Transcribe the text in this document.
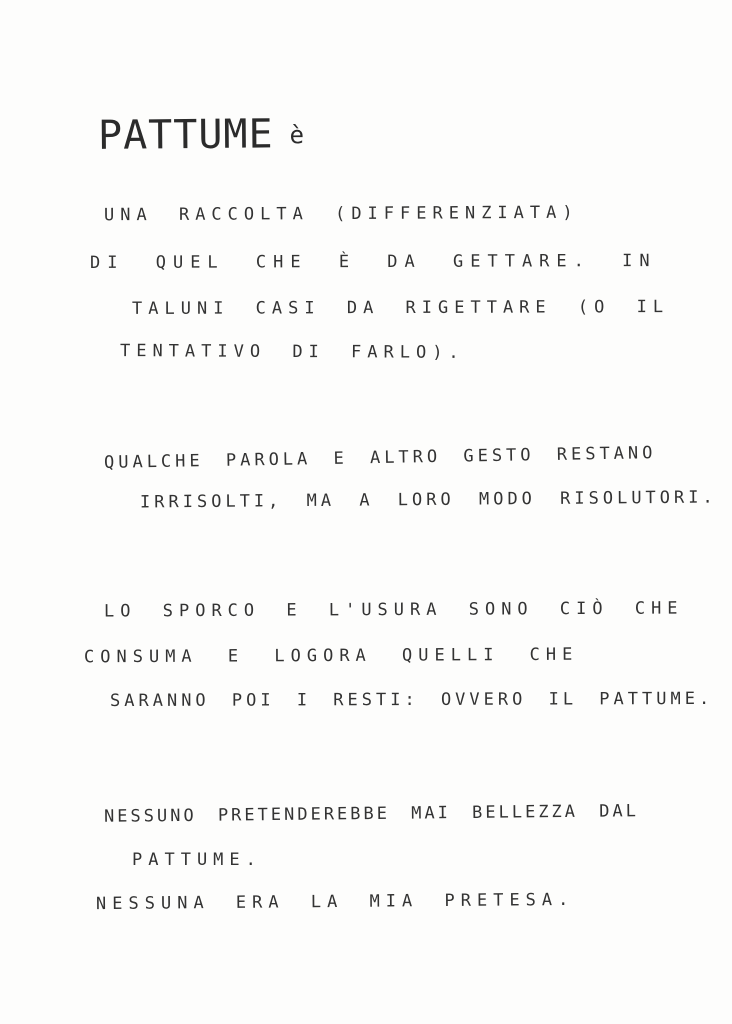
PATTUME è

UNA RACCOLTA (DIFFERENZIATA)

DI QUEL CHE È DA GETTARE. IN

TALUNI CASI DA RIGETTARE (O IL

TENTATIVO DI FARLO).

QUALCHE PAROLA E ALTRO GESTO RESTANO

IRRISOLTI, MA A LORO MODO RISOLUTORI.

LO SPORCO E L'USURA SONO CIÒ CHE

CONSUMA E LOGORA QUELLI CHE

SARANNO POI I RESTI: OVVERO IL PATTUME.

NESSUNO PRETENDEREBBE MAI BELLEZZA DAL

PATTUME.

NESSUNA ERA LA MIA PRETESA.
